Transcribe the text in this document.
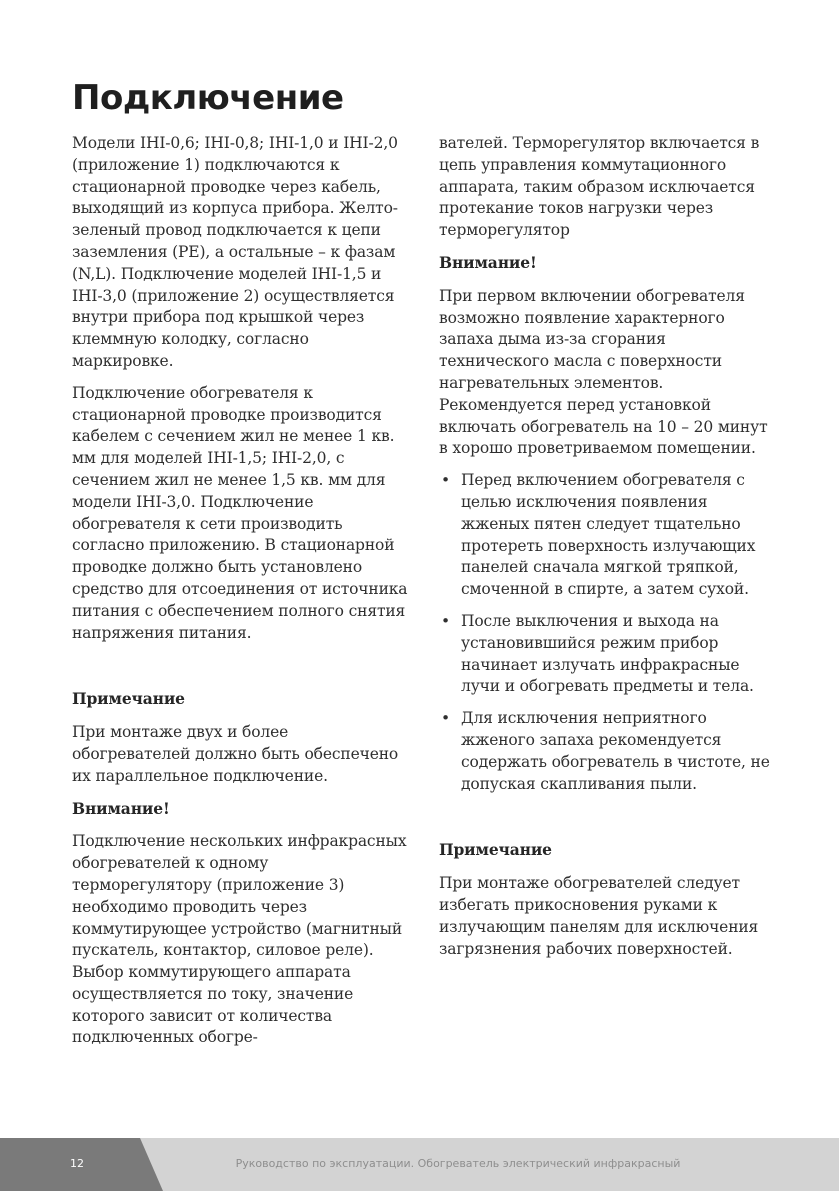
Подключение

Модели IHI-0,6; IHI-0,8; IHI-1,0 и IHI-2,0 (приложение 1) подключаются к стационарной проводке через кабель, выходящий из корпуса прибора. Желто-зеленый провод подключается к цепи заземления (PE), а остальные – к фазам (N,L). Подключение моделей IHI-1,5 и IHI-3,0 (приложение 2) осуществляется внутри прибора под крышкой через клеммную колодку, согласно маркировке.

Подключение обогревателя к стационарной проводке производится кабелем с сечением жил не менее 1 кв. мм для моделей IHI-1,5; IHI-2,0, с сечением жил не менее 1,5 кв. мм для модели IHI-3,0. Подключение обогревателя к сети производить согласно приложению. В стационарной проводке должно быть установлено средство для отсоединения от источника питания с обеспечением полного снятия напряжения питания.

Примечание

При монтаже двух и более обогревателей должно быть обеспечено их параллельное подключение.

Внимание!

Подключение нескольких инфракрасных обогревателей к одному терморегулятору (приложение 3) необходимо проводить через коммутирующее устройство (магнитный пускатель, контактор, силовое реле). Выбор коммутирующего аппарата осуществляется по току, значение которого зависит от количества подключенных обогре-

вателей. Терморегулятор включается в цепь управления коммутационного аппарата, таким образом исключается протекание токов нагрузки через терморегулятор

Внимание!

При первом включении обогревателя возможно появление характерного запаха дыма из-за сгорания технического масла с поверхности нагревательных элементов. Рекомендуется перед установкой включать обогреватель на 10 – 20 минут в хорошо проветриваемом помещении.

• Перед включением обогревателя с целью исключения появления жженых пятен следует тщательно протереть поверхность излучающих панелей сначала мягкой тряпкой, смоченной в спирте, а затем сухой.
• После выключения и выхода на установившийся режим прибор начинает излучать инфракрасные лучи и обогревать предметы и тела.
• Для исключения неприятного жженого запаха рекомендуется содержать обогреватель в чистоте, не допуская скапливания пыли.

Примечание

При монтаже обогревателей следует избегать прикосновения руками к излучающим панелям для исключения загрязнения рабочих поверхностей.

12	Руководство по эксплуатации. Обогреватель электрический инфракрасный
